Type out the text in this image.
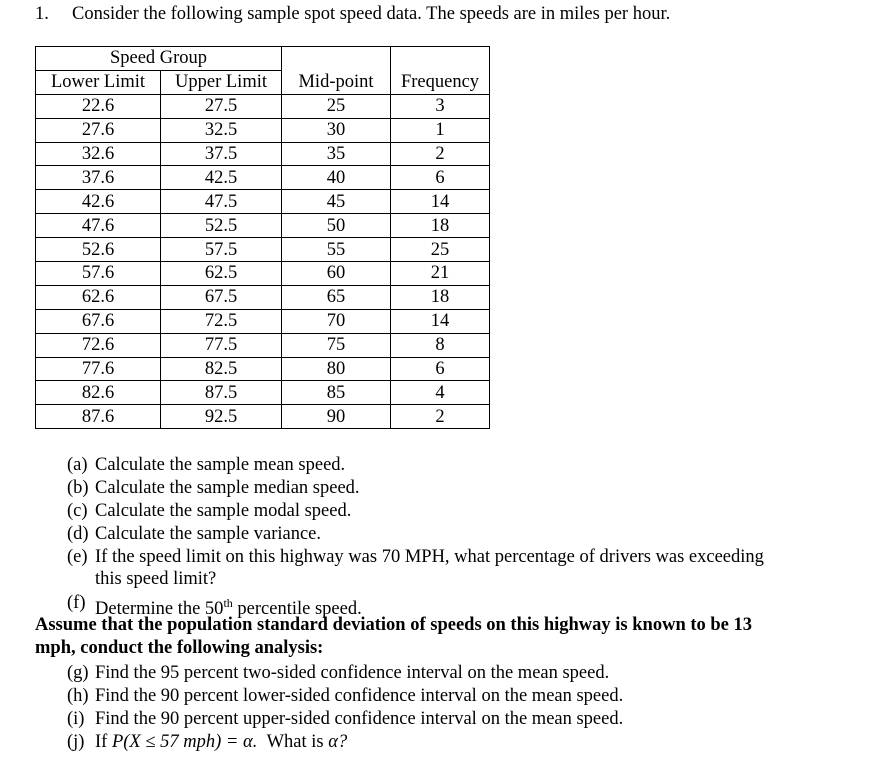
1. Consider the following sample spot speed data. The speeds are in miles per hour.
Speed Group			
Lower Limit	Upper Limit	Mid-point	Frequency
22.6	27.5	25	3
27.6	32.5	30	1
32.6	37.5	35	2
37.6	42.5	40	6
42.6	47.5	45	14
47.6	52.5	50	18
52.6	57.5	55	25
57.6	62.5	60	21
62.6	67.5	65	18
67.6	72.5	70	14
72.6	77.5	75	8
77.6	82.5	80	6
82.6	87.5	85	4
87.6	92.5	90	2
(a) Calculate the sample mean speed.
(b) Calculate the sample median speed.
(c) Calculate the sample modal speed.
(d) Calculate the sample variance.
(e) If the speed limit on this highway was 70 MPH, what percentage of drivers was exceeding
this speed limit?
(f) Determine the 50th percentile speed.
Assume that the population standard deviation of speeds on this highway is known to be 13
mph, conduct the following analysis:
(g) Find the 95 percent two-sided confidence interval on the mean speed.
(h) Find the 90 percent lower-sided confidence interval on the mean speed.
(i) Find the 90 percent upper-sided confidence interval on the mean speed.
(j) If P(X ≤ 57 mph) = α.  What is α?
